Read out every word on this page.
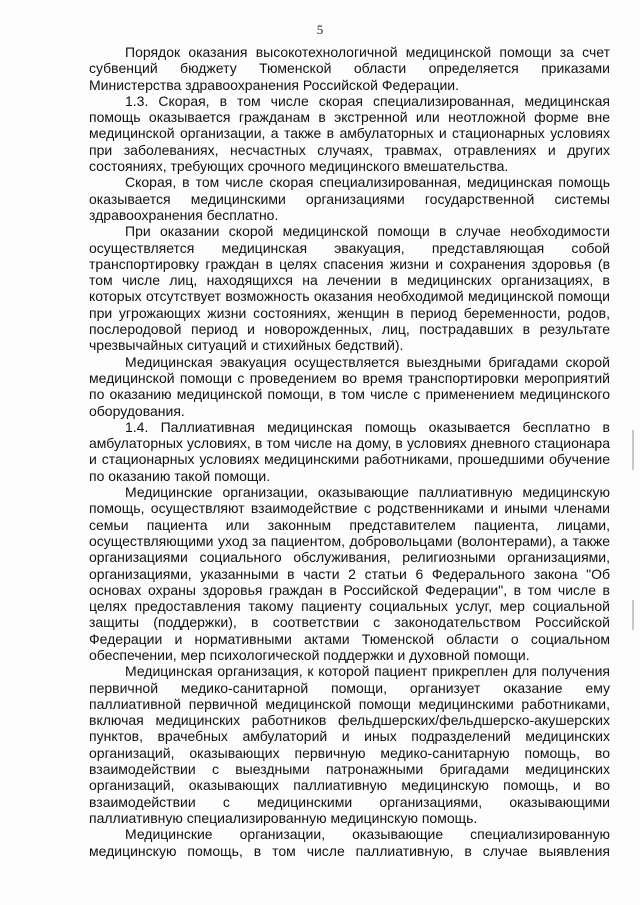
5

Порядок оказания высокотехнологичной медицинской помощи за счет субвенций бюджету Тюменской области определяется приказами Министерства здравоохранения Российской Федерации.

1.3. Скорая, в том числе скорая специализированная, медицинская помощь оказывается гражданам в экстренной или неотложной форме вне медицинской организации, а также в амбулаторных и стационарных условиях при заболеваниях, несчастных случаях, травмах, отравлениях и других состояниях, требующих срочного медицинского вмешательства.

Скорая, в том числе скорая специализированная, медицинская помощь оказывается медицинскими организациями государственной системы здравоохранения бесплатно.

При оказании скорой медицинской помощи в случае необходимости осуществляется медицинская эвакуация, представляющая собой транспортировку граждан в целях спасения жизни и сохранения здоровья (в том числе лиц, находящихся на лечении в медицинских организациях, в которых отсутствует возможность оказания необходимой медицинской помощи при угрожающих жизни состояниях, женщин в период беременности, родов, послеродовой период и новорожденных, лиц, пострадавших в результате чрезвычайных ситуаций и стихийных бедствий).

Медицинская эвакуация осуществляется выездными бригадами скорой медицинской помощи с проведением во время транспортировки мероприятий по оказанию медицинской помощи, в том числе с применением медицинского оборудования.

1.4. Паллиативная медицинская помощь оказывается бесплатно в амбулаторных условиях, в том числе на дому, в условиях дневного стационара и стационарных условиях медицинскими работниками, прошедшими обучение по оказанию такой помощи.

Медицинские организации, оказывающие паллиативную медицинскую помощь, осуществляют взаимодействие с родственниками и иными членами семьи пациента или законным представителем пациента, лицами, осуществляющими уход за пациентом, добровольцами (волонтерами), а также организациями социального обслуживания, религиозными организациями, организациями, указанными в части 2 статьи 6 Федерального закона "Об основах охраны здоровья граждан в Российской Федерации", в том числе в целях предоставления такому пациенту социальных услуг, мер социальной защиты (поддержки), в соответствии с законодательством Российской Федерации и нормативными актами Тюменской области о социальном обеспечении, мер психологической поддержки и духовной помощи.

Медицинская организация, к которой пациент прикреплен для получения первичной медико-санитарной помощи, организует оказание ему паллиативной первичной медицинской помощи медицинскими работниками, включая медицинских работников фельдшерских/фельдшерско-акушерских пунктов, врачебных амбулаторий и иных подразделений медицинских организаций, оказывающих первичную медико-санитарную помощь, во взаимодействии с выездными патронажными бригадами медицинских организаций, оказывающих паллиативную медицинскую помощь, и во взаимодействии с медицинскими организациями, оказывающими паллиативную специализированную медицинскую помощь.

Медицинские организации, оказывающие специализированную медицинскую помощь, в том числе паллиативную, в случае выявления
